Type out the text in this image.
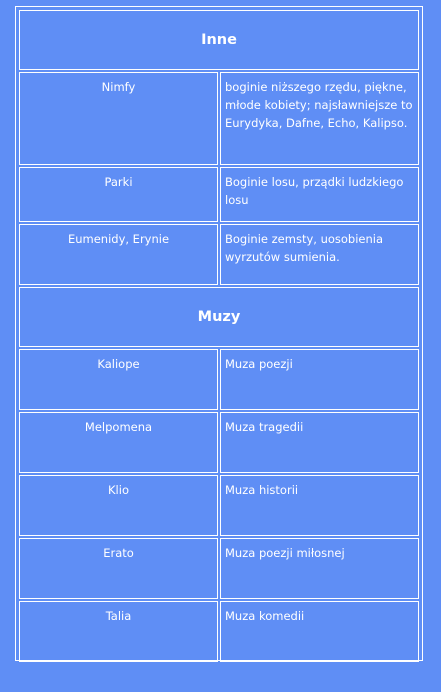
Inne	
Nimfy	boginie niższego rzędu, piękne, młode kobiety; najsławniejsze to Eurydyka, Dafne, Echo, Kalipso.
Parki	Boginie losu, prządki ludzkiego losu
Eumenidy, Erynie	Boginie zemsty, uosobienia wyrzutów sumienia.
Muzy	
Kaliope	Muza poezji
Melpomena	Muza tragedii
Klio	Muza historii
Erato	Muza poezji miłosnej
Talia	Muza komedii
